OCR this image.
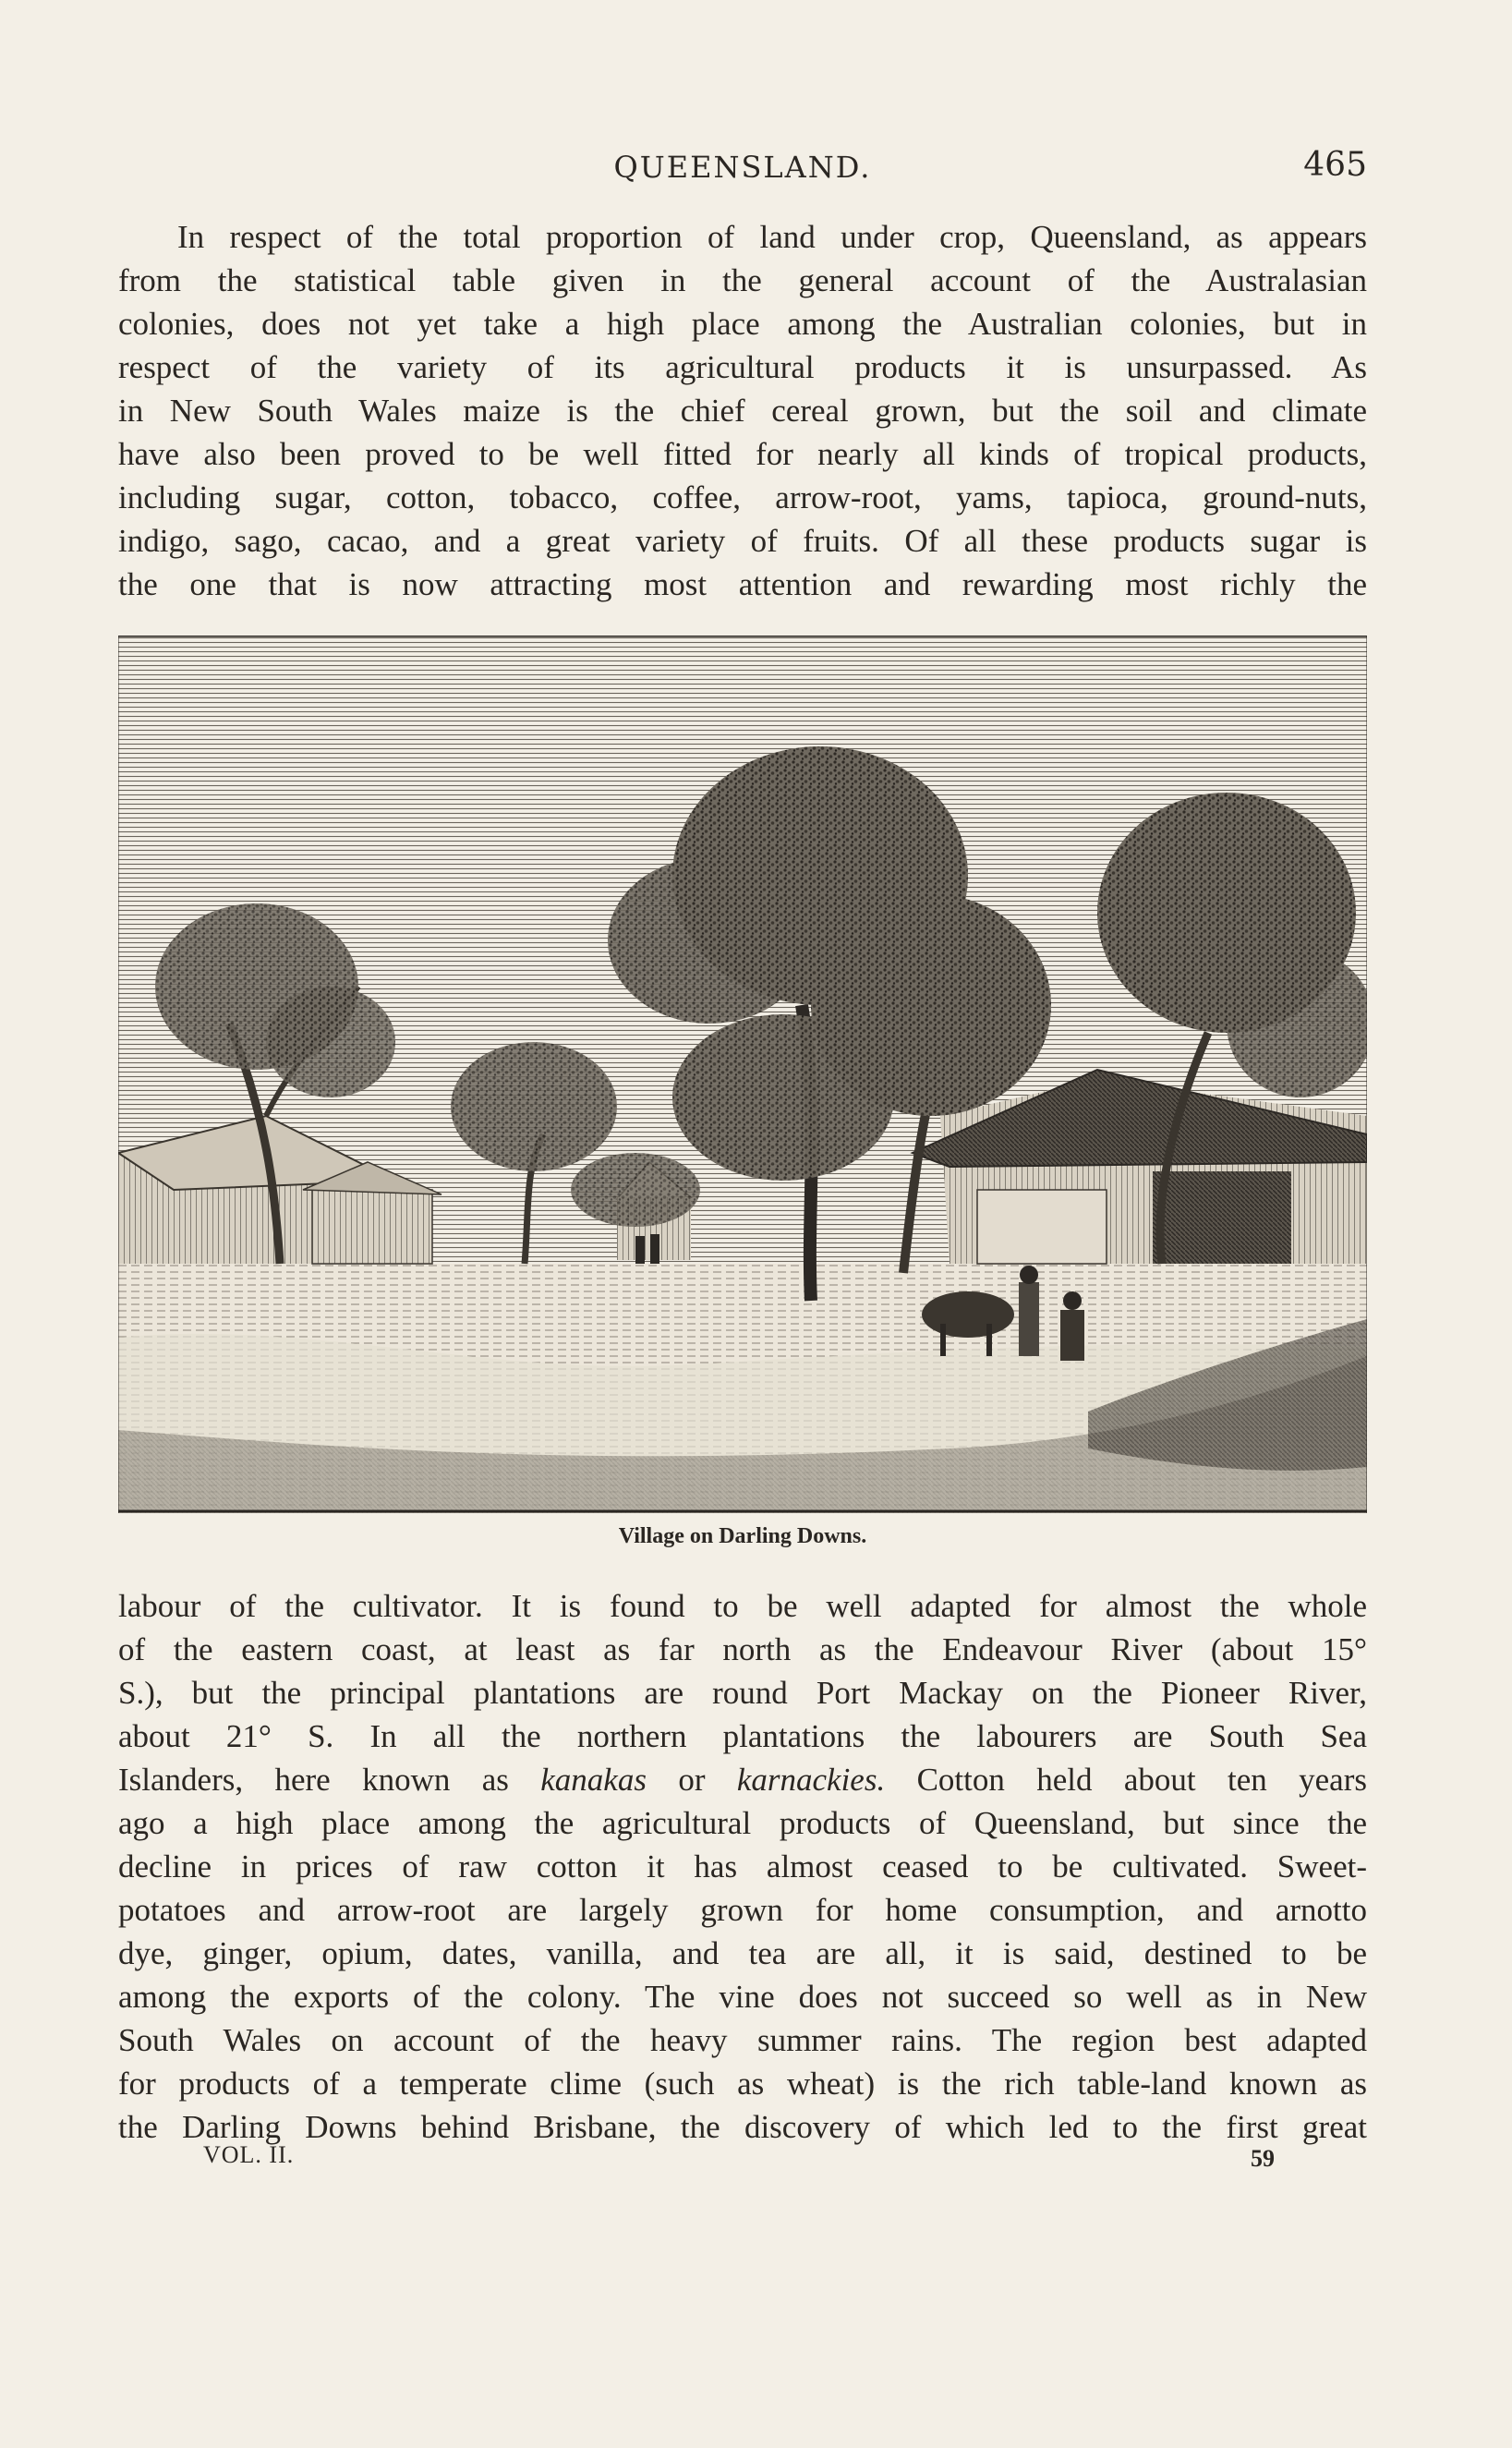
QUEENSLAND.	465
In respect of the total proportion of land under crop, Queensland, as appears
from the statistical table given in the general account of the Australasian
colonies, does not yet take a high place among the Australian colonies, but in
respect of the variety of its agricultural products it is unsurpassed. As
in New South Wales maize is the chief cereal grown, but the soil and climate
have also been proved to be well fitted for nearly all kinds of tropical products,
including sugar, cotton, tobacco, coffee, arrow-root, yams, tapioca, ground-nuts,
indigo, sago, cacao, and a great variety of fruits. Of all these products sugar is
the one that is now attracting most attention and rewarding most richly the
Village on Darling Downs.
labour of the cultivator. It is found to be well adapted for almost the whole
of the eastern coast, at least as far north as the Endeavour River (about 15°
S.), but the principal plantations are round Port Mackay on the Pioneer River,
about 21° S. In all the northern plantations the labourers are South Sea
Islanders, here known as kanakas or karnackies. Cotton held about ten years
ago a high place among the agricultural products of Queensland, but since the
decline in prices of raw cotton it has almost ceased to be cultivated. Sweet-
potatoes and arrow-root are largely grown for home consumption, and arnotto
dye, ginger, opium, dates, vanilla, and tea are all, it is said, destined to be
among the exports of the colony. The vine does not succeed so well as in New
South Wales on account of the heavy summer rains. The region best adapted
for products of a temperate clime (such as wheat) is the rich table-land known as
the Darling Downs behind Brisbane, the discovery of which led to the first great
VOL. II.	59
